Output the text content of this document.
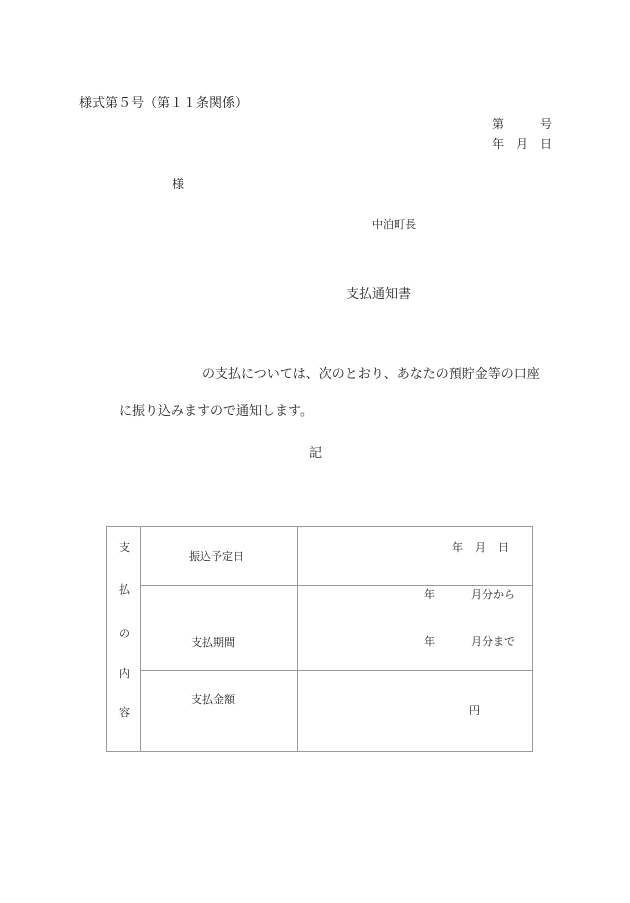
様式第５号（第１１条関係）
第	号
年 月 日
様
中泊町長
支払通知書
の支払については、次のとおり、あなたの預貯金等の口座
に振り込みますので通知します。
記
支
払
の
内
容	振込予定日	年 月 日

	支払期間	年 月分から
年 月分まで

	支払金額	円
